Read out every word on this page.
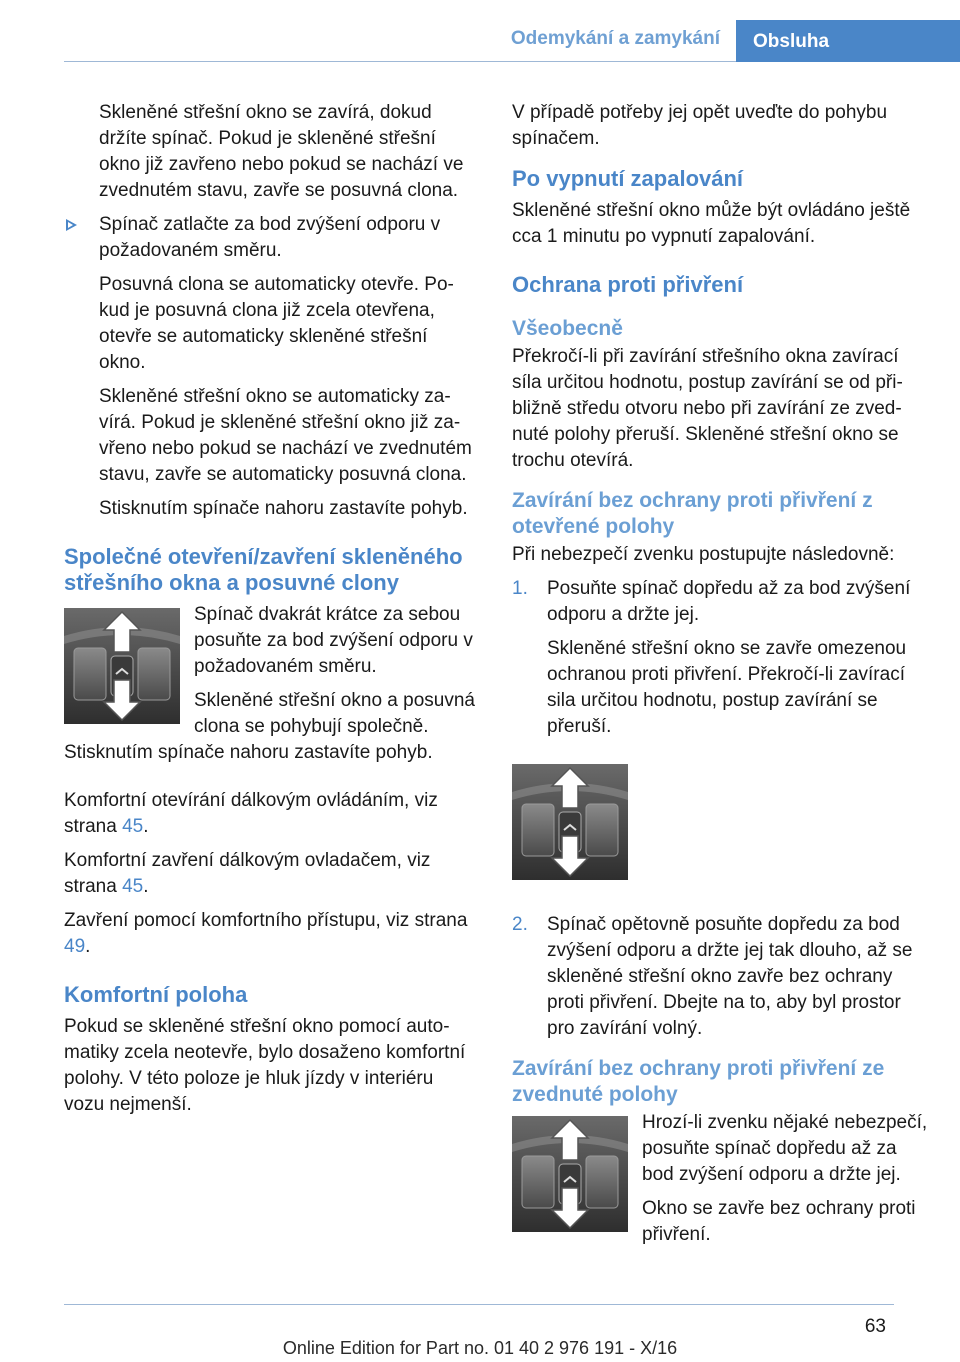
Odemykání a zamykání	Obsluha

Skleněné střešní okno se zavírá, dokud držíte spínač. Pokud je skleněné střešní okno již zavřeno nebo pokud se nachází ve zvednutém stavu, zavře se posuvná clona.

Spínač zatlačte za bod zvýšení odporu v požadovaném směru.

Posuvná clona se automaticky otevře. Pokud je posuvná clona již zcela otevřena, otevře se automaticky skleněné střešní okno.

Skleněné střešní okno se automaticky zavírá. Pokud je skleněné střešní okno již zavřeno nebo pokud se nachází ve zvednutém stavu, zavře se automaticky posuvná clona.

Stisknutím spínače nahoru zastavíte pohyb.

Společné otevření/zavření skleněného střešního okna a posuvné clony

Spínač dvakrát krátce za sebou posuňte za bod zvýšení odporu v požadovaném směru.

Skleněné střešní okno a posuvná clona se pohybují společně. Stisknutím spínače nahoru zastavíte pohyb.

Komfortní otevírání dálkovým ovládáním, viz strana 45.

Komfortní zavření dálkovým ovladačem, viz strana 45.

Zavření pomocí komfortního přístupu, viz strana 49.

Komfortní poloha

Pokud se skleněné střešní okno pomocí automatiky zcela neotevře, bylo dosaženo komfortní polohy. V této poloze je hluk jízdy v interiéru vozu nejmenší.

V případě potřeby jej opět uveďte do pohybu spínačem.

Po vypnutí zapalování

Skleněné střešní okno může být ovládáno ještě cca 1 minutu po vypnutí zapalování.

Ochrana proti přivření
Všeobecně

Překročí-li při zavírání střešního okna zavírací síla určitou hodnotu, postup zavírání se od přibližně středu otvoru nebo při zavírání ze zvednuté polohy přeruší. Skleněné střešní okno se trochu otevírá.

Zavírání bez ochrany proti přivření z otevřené polohy

Při nebezpečí zvenku postupujte následovně:

1. Posuňte spínač dopředu až za bod zvýšení odporu a držte jej.

Skleněné střešní okno se zavře omezenou ochranou proti přivření. Překročí-li zavírací sila určitou hodnotu, postup zavírání se přeruší.

2. Spínač opětovně posuňte dopředu za bod zvýšení odporu a držte jej tak dlouho, až se skleněné střešní okno zavře bez ochrany proti přivření. Dbejte na to, aby byl prostor pro zavírání volný.

Zavírání bez ochrany proti přivření ze zvednuté polohy

Hrozí-li zvenku nějaké nebezpečí, posuňte spínač dopředu až za bod zvýšení odporu a držte jej.

Okno se zavře bez ochrany proti přivření.

63
Online Edition for Part no. 01 40 2 976 191 - X/16
